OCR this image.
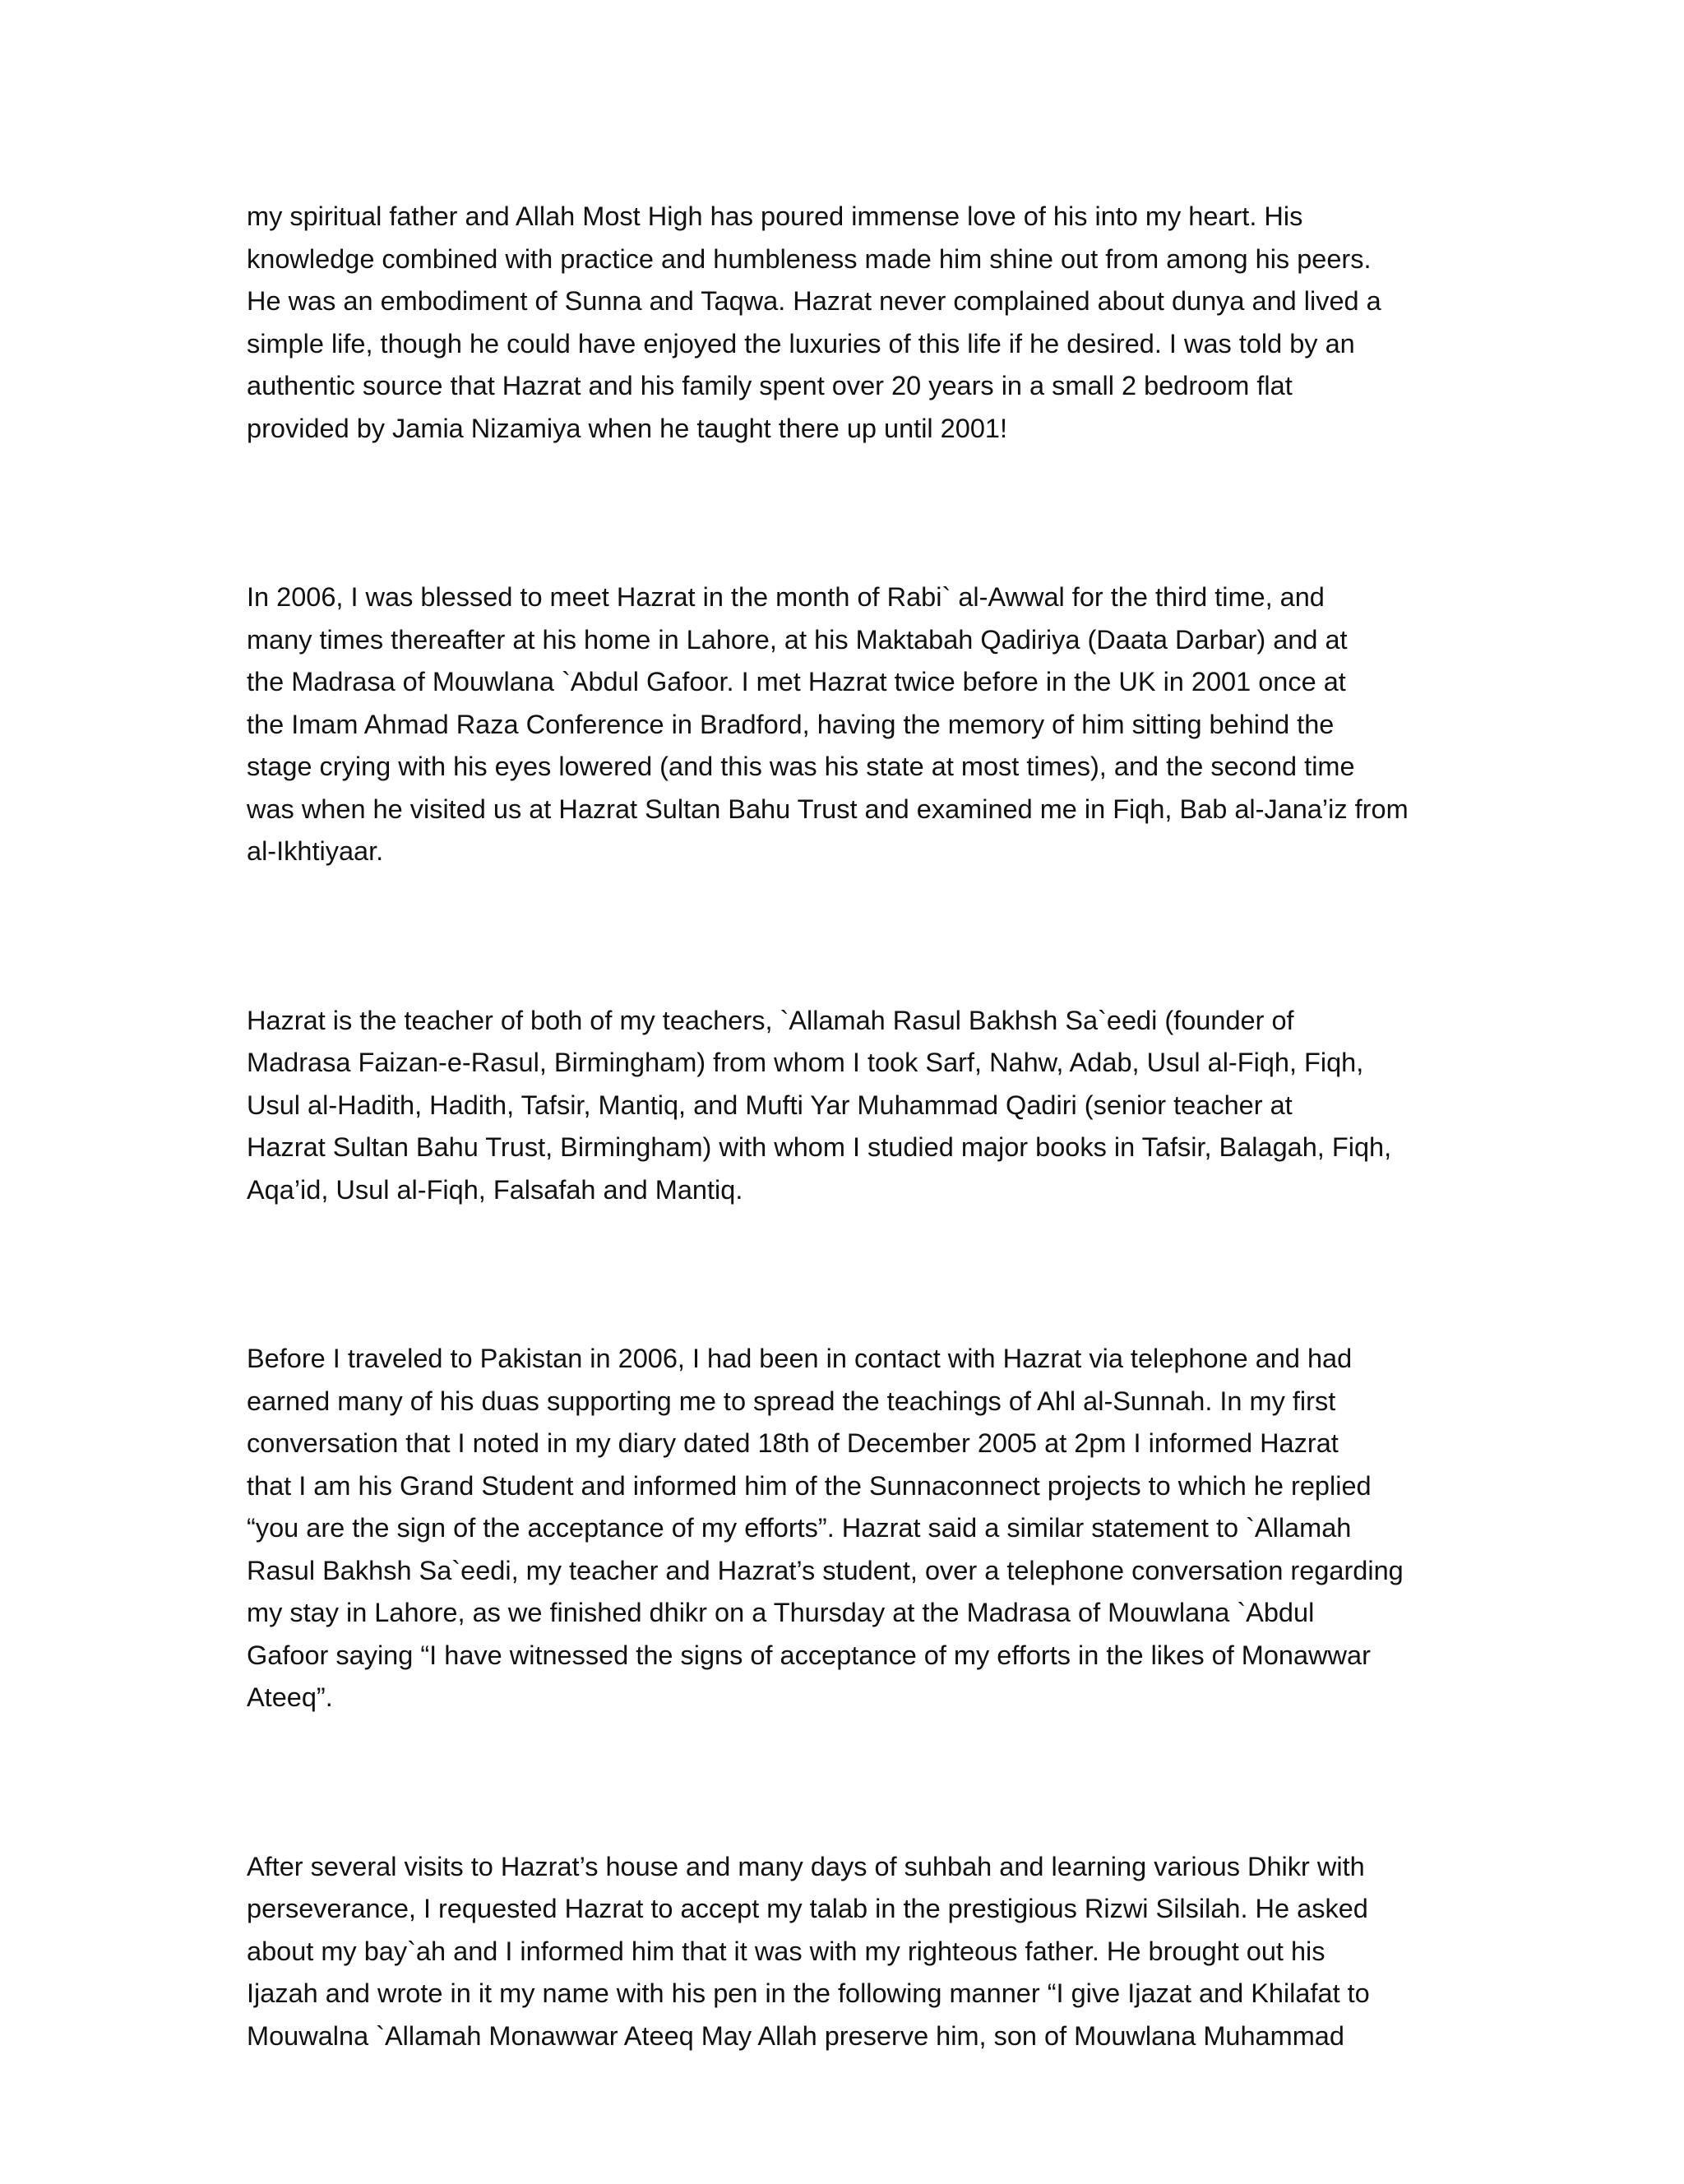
my spiritual father and Allah Most High has poured immense love of his into my heart. His
knowledge combined with practice and humbleness made him shine out from among his peers.
He was an embodiment of Sunna and Taqwa. Hazrat never complained about dunya and lived a
simple life, though he could have enjoyed the luxuries of this life if he desired. I was told by an
authentic source that Hazrat and his family spent over 20 years in a small 2 bedroom flat
provided by Jamia Nizamiya when he taught there up until 2001!

In 2006, I was blessed to meet Hazrat in the month of Rabi` al-Awwal for the third time, and
many times thereafter at his home in Lahore, at his Maktabah Qadiriya (Daata Darbar) and at
the Madrasa of Mouwlana `Abdul Gafoor. I met Hazrat twice before in the UK in 2001 once at
the Imam Ahmad Raza Conference in Bradford, having the memory of him sitting behind the
stage crying with his eyes lowered (and this was his state at most times), and the second time
was when he visited us at Hazrat Sultan Bahu Trust and examined me in Fiqh, Bab al-Jana’iz from
al-Ikhtiyaar.

Hazrat is the teacher of both of my teachers, `Allamah Rasul Bakhsh Sa`eedi (founder of
Madrasa Faizan-e-Rasul, Birmingham) from whom I took Sarf, Nahw, Adab, Usul al-Fiqh, Fiqh,
Usul al-Hadith, Hadith, Tafsir, Mantiq, and Mufti Yar Muhammad Qadiri (senior teacher at
Hazrat Sultan Bahu Trust, Birmingham) with whom I studied major books in Tafsir, Balagah, Fiqh,
Aqa’id, Usul al-Fiqh, Falsafah and Mantiq.

Before I traveled to Pakistan in 2006, I had been in contact with Hazrat via telephone and had
earned many of his duas supporting me to spread the teachings of Ahl al-Sunnah. In my first
conversation that I noted in my diary dated 18th of December 2005 at 2pm I informed Hazrat
that I am his Grand Student and informed him of the Sunnaconnect projects to which he replied
“you are the sign of the acceptance of my efforts”. Hazrat said a similar statement to `Allamah
Rasul Bakhsh Sa`eedi, my teacher and Hazrat’s student, over a telephone conversation regarding
my stay in Lahore, as we finished dhikr on a Thursday at the Madrasa of Mouwlana `Abdul
Gafoor saying “I have witnessed the signs of acceptance of my efforts in the likes of Monawwar
Ateeq”.

After several visits to Hazrat’s house and many days of suhbah and learning various Dhikr with
perseverance, I requested Hazrat to accept my talab in the prestigious Rizwi Silsilah. He asked
about my bay`ah and I informed him that it was with my righteous father. He brought out his
Ijazah and wrote in it my name with his pen in the following manner “I give Ijazat and Khilafat to
Mouwalna `Allamah Monawwar Ateeq May Allah preserve him, son of Mouwlana Muhammad
